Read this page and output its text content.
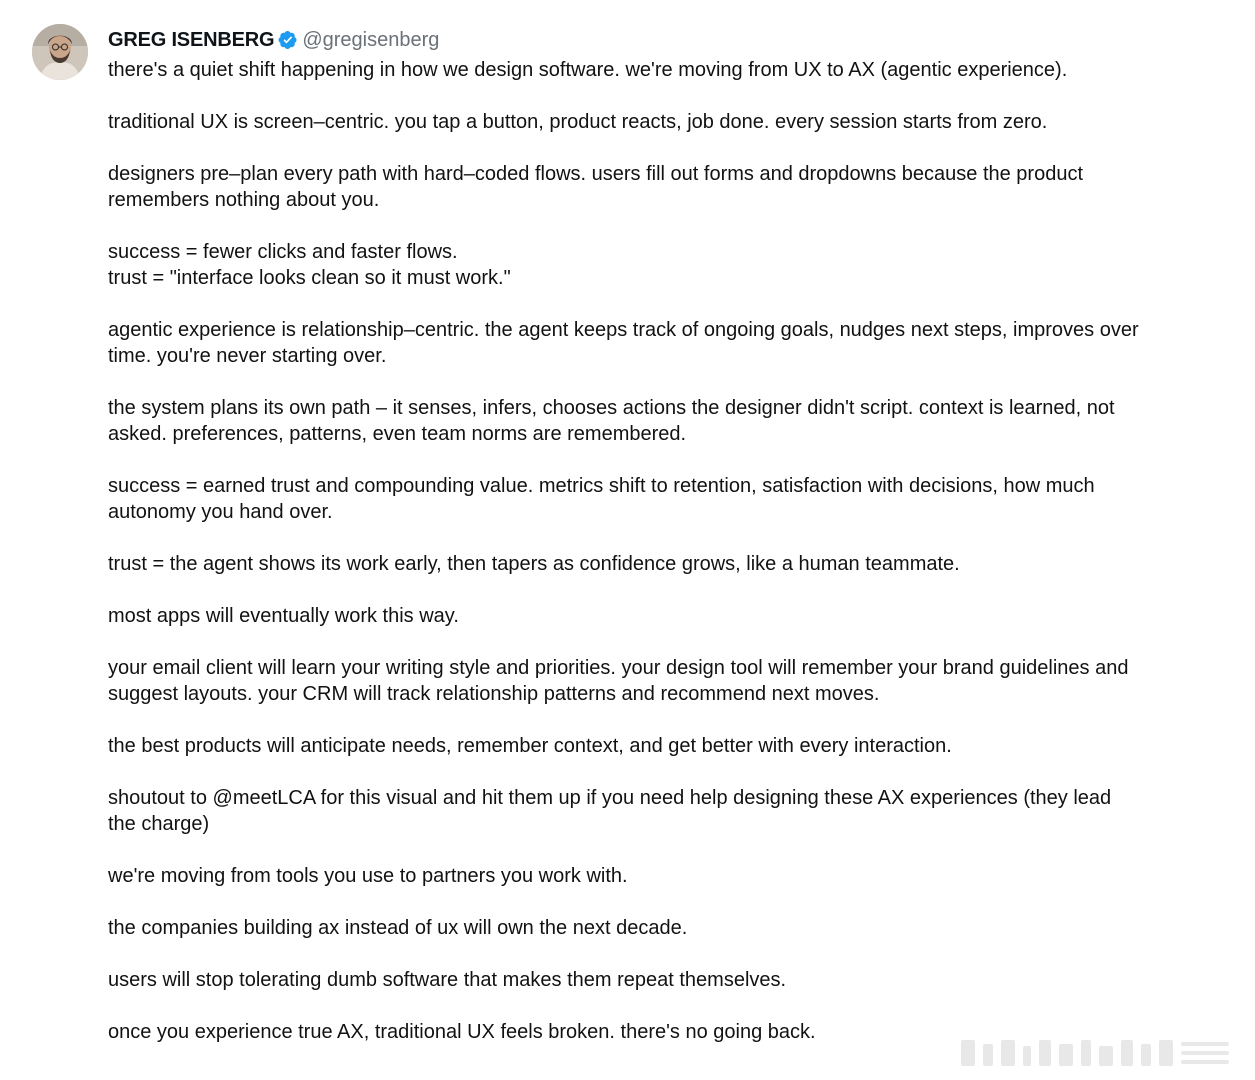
GREG ISENBERG @gregisenberg
there's a quiet shift happening in how we design software. we're moving from UX to AX (agentic experience).
traditional UX is screen–centric. you tap a button, product reacts, job done. every session starts from zero.
designers pre–plan every path with hard–coded flows. users fill out forms and dropdowns because the product
remembers nothing about you.
success = fewer clicks and faster flows.
trust = "interface looks clean so it must work."
agentic experience is relationship–centric. the agent keeps track of ongoing goals, nudges next steps, improves over
time. you're never starting over.
the system plans its own path – it senses, infers, chooses actions the designer didn't script. context is learned, not
asked. preferences, patterns, even team norms are remembered.
success = earned trust and compounding value. metrics shift to retention, satisfaction with decisions, how much
autonomy you hand over.
trust = the agent shows its work early, then tapers as confidence grows, like a human teammate.
most apps will eventually work this way.
your email client will learn your writing style and priorities. your design tool will remember your brand guidelines and
suggest layouts. your CRM will track relationship patterns and recommend next moves.
the best products will anticipate needs, remember context, and get better with every interaction.
shoutout to @meetLCA for this visual and hit them up if you need help designing these AX experiences (they lead
the charge)
we're moving from tools you use to partners you work with.
the companies building ax instead of ux will own the next decade.
users will stop tolerating dumb software that makes them repeat themselves.
once you experience true AX, traditional UX feels broken. there's no going back.
